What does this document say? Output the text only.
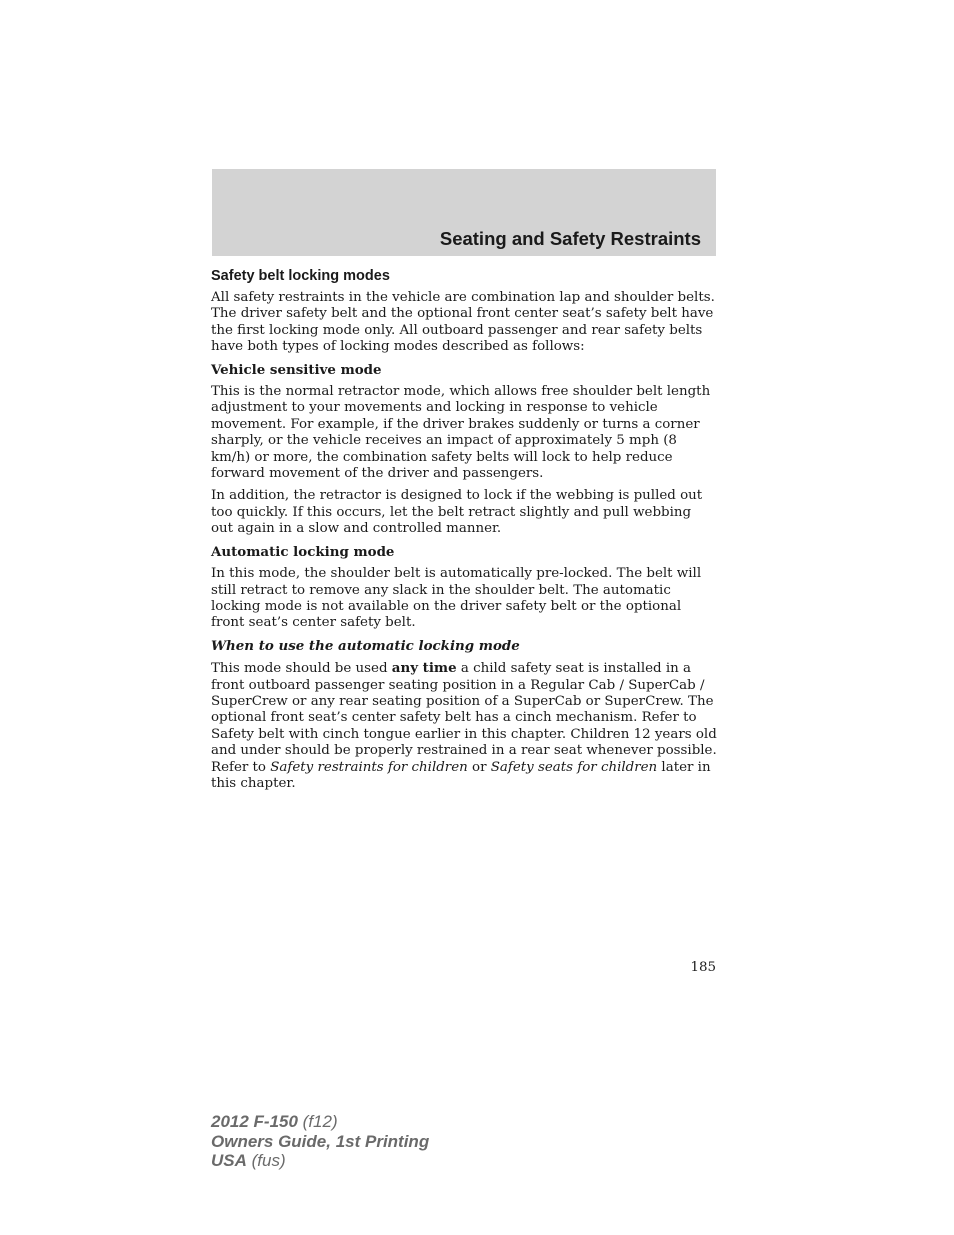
Seating and Safety Restraints
Safety belt locking modes

All safety restraints in the vehicle are combination lap and shoulder belts. The driver safety belt and the optional front center seat’s safety belt have the first locking mode only. All outboard passenger and rear safety belts have both types of locking modes described as follows:

Vehicle sensitive mode

This is the normal retractor mode, which allows free shoulder belt length adjustment to your movements and locking in response to vehicle movement. For example, if the driver brakes suddenly or turns a corner sharply, or the vehicle receives an impact of approximately 5 mph (8 km/h) or more, the combination safety belts will lock to help reduce forward movement of the driver and passengers.

In addition, the retractor is designed to lock if the webbing is pulled out too quickly. If this occurs, let the belt retract slightly and pull webbing out again in a slow and controlled manner.

Automatic locking mode

In this mode, the shoulder belt is automatically pre-locked. The belt will still retract to remove any slack in the shoulder belt. The automatic locking mode is not available on the driver safety belt or the optional front seat’s center safety belt.

When to use the automatic locking mode

This mode should be used any time a child safety seat is installed in a front outboard passenger seating position in a Regular Cab / SuperCab / SuperCrew or any rear seating position of a SuperCab or SuperCrew. The optional front seat’s center safety belt has a cinch mechanism. Refer to Safety belt with cinch tongue earlier in this chapter. Children 12 years old and under should be properly restrained in a rear seat whenever possible. Refer to Safety restraints for children or Safety seats for children later in this chapter.

185
2012 F-150 (f12)
Owners Guide, 1st Printing
USA (fus)
